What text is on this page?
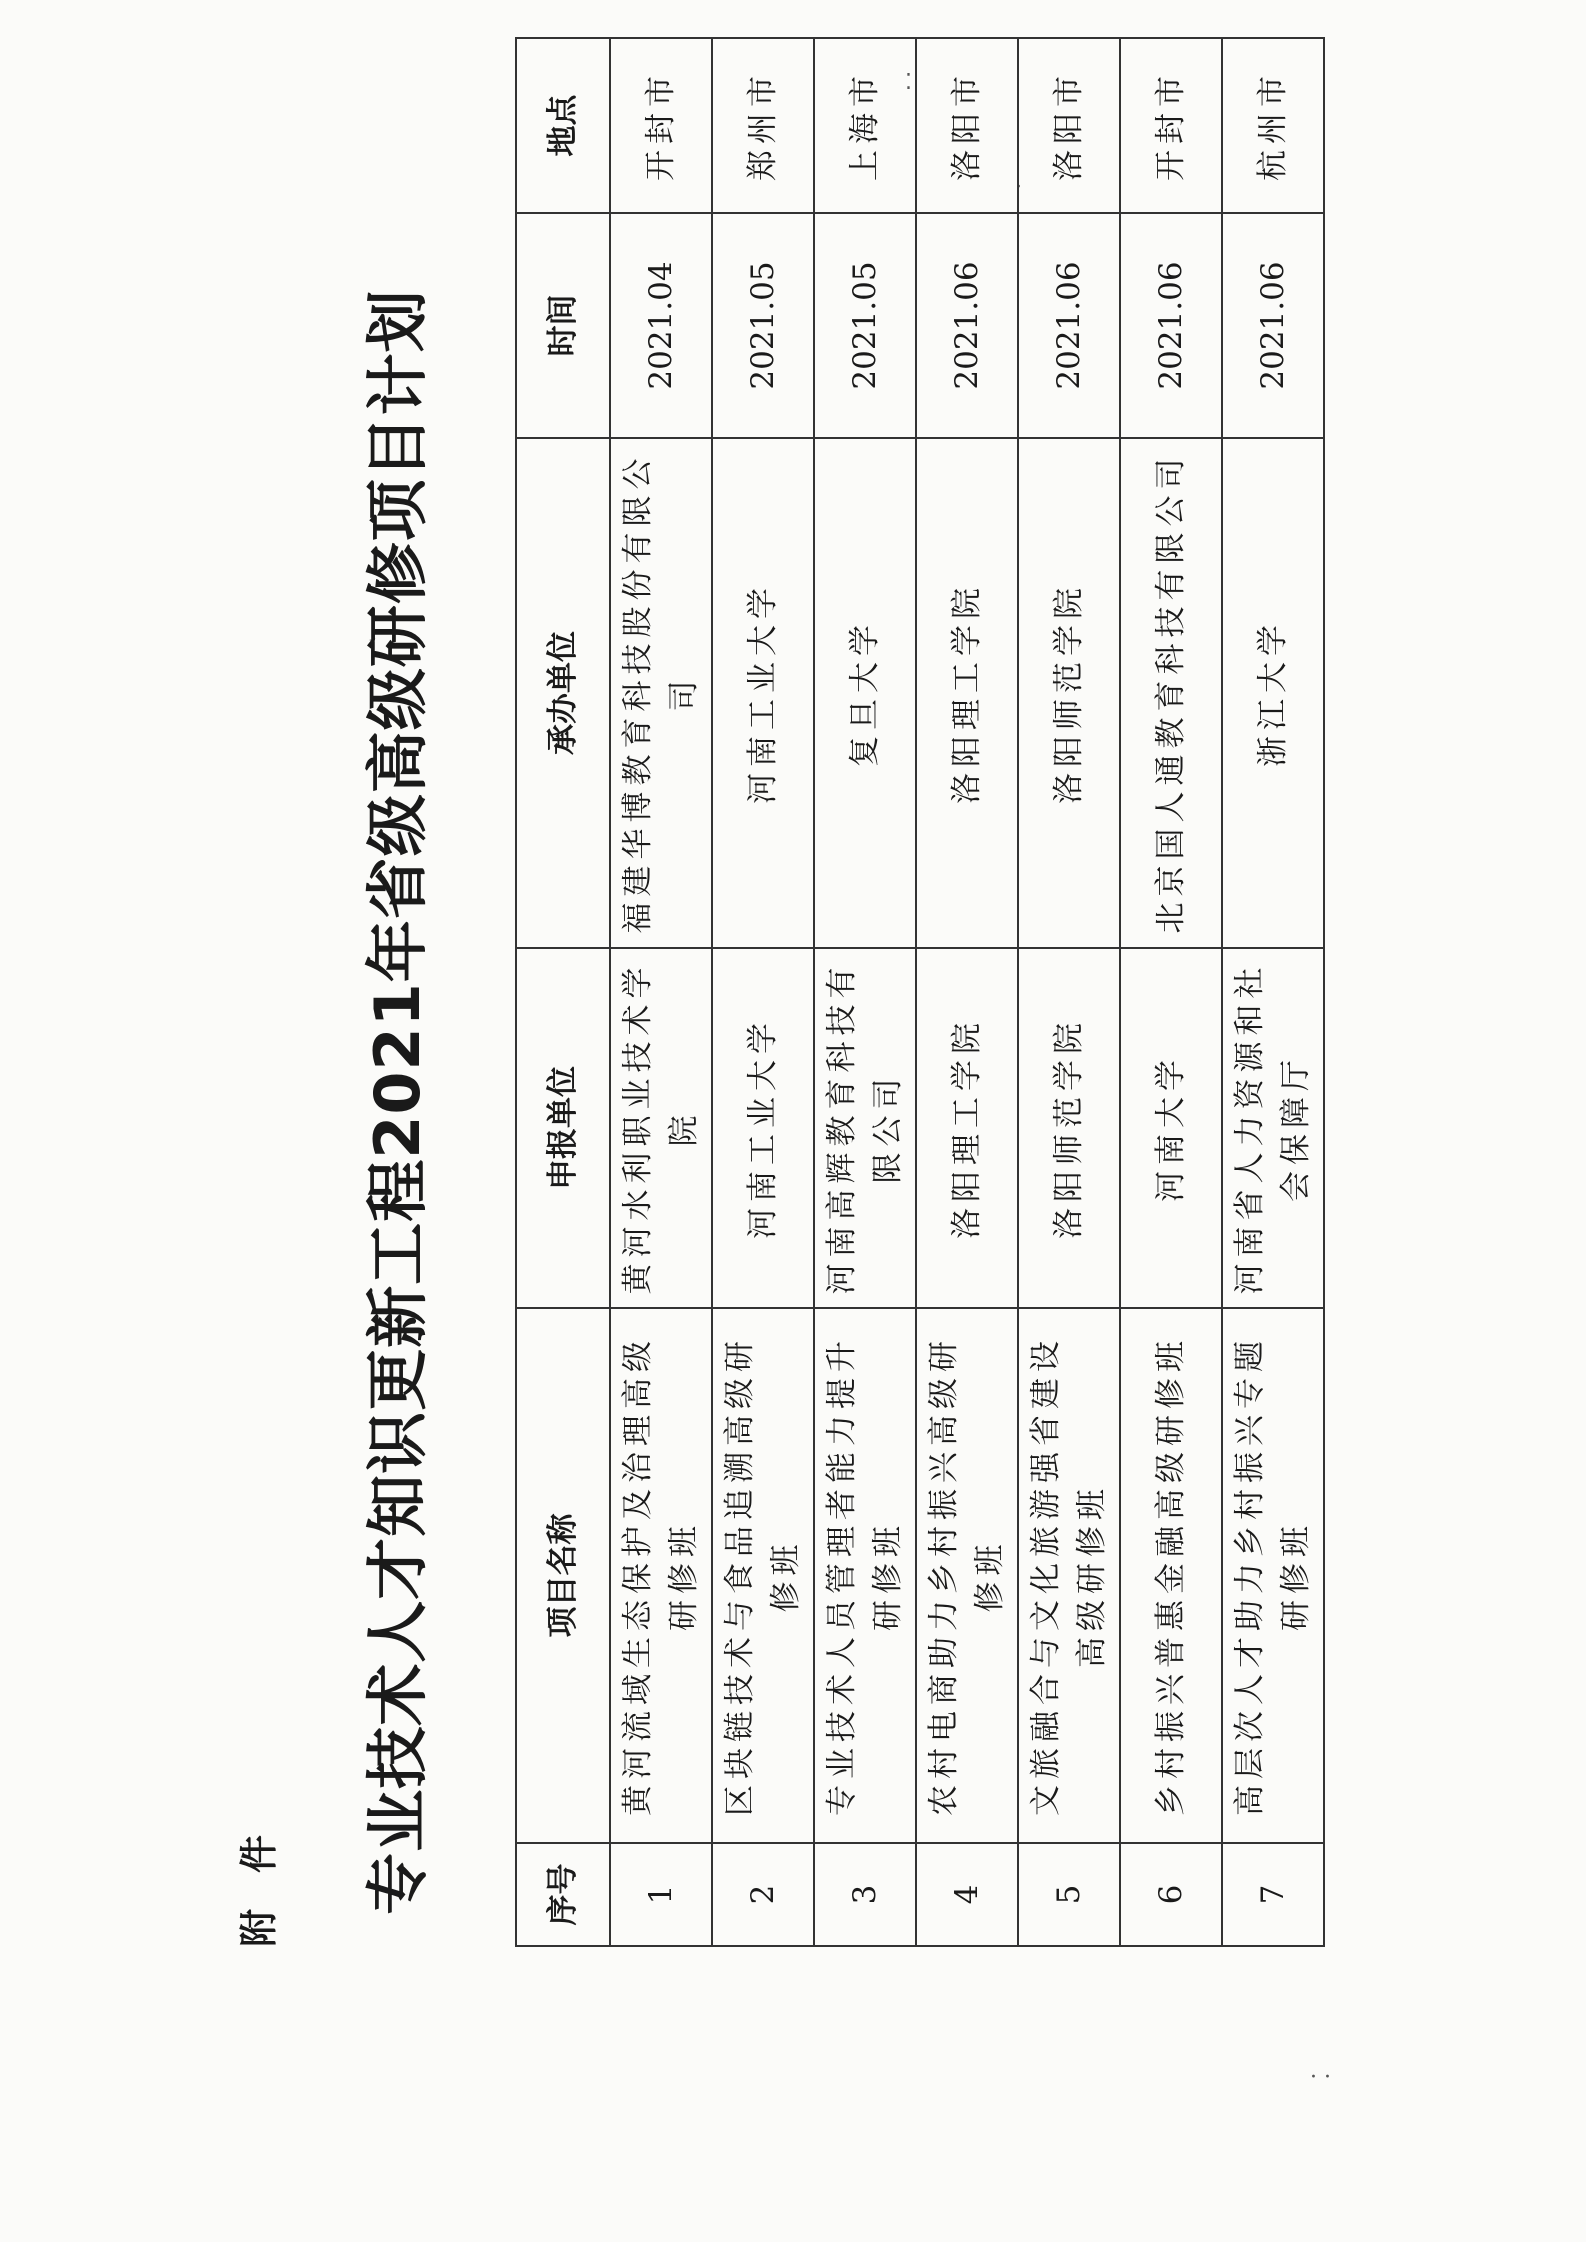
⁚
·
· ·
附件 专业技术人才知识更新工程2021年省级高级研修项目计划	序号	项目名称	申报单位	承办单位	时间	地点
1	黄河流域生态保护及治理高级研修班	黄河水利职业技术学院	福建华博教育科技股份有限公司	2021.04	开封市
2	区块链技术与食品追溯高级研修班	河南工业大学	河南工业大学	2021.05	郑州市
3	专业技术人员管理者能力提升研修班	河南高辉教育科技有限公司	复旦大学	2021.05	上海市
4	农村电商助力乡村振兴高级研修班	洛阳理工学院	洛阳理工学院	2021.06	洛阳市
5	文旅融合与文化旅游强省建设高级研修班	洛阳师范学院	洛阳师范学院	2021.06	洛阳市
6	乡村振兴普惠金融高级研修班	河南大学	北京国人通教育科技有限公司	2021.06	开封市
7	高层次人才助力乡村振兴专题研修班	河南省人力资源和社会保障厅	浙江大学	2021.06	杭州市
